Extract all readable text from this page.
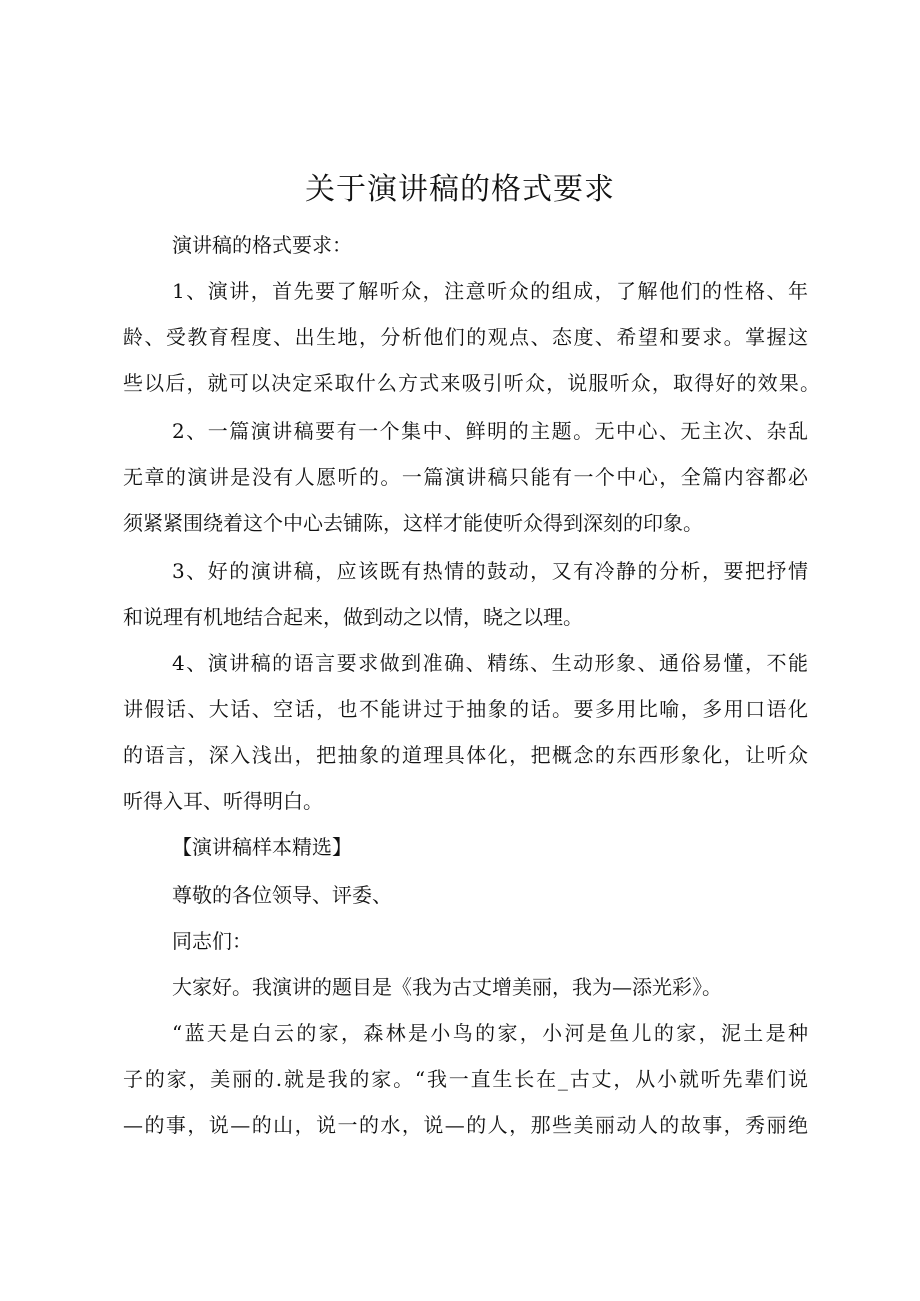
关于演讲稿的格式要求
演讲稿的格式要求：
1、演讲，首先要了解听众，注意听众的组成，了解他们的性格、年
龄、受教育程度、出生地，分析他们的观点、态度、希望和要求。掌握这
些以后，就可以决定采取什么方式来吸引听众，说服听众，取得好的效果。
2、一篇演讲稿要有一个集中、鲜明的主题。无中心、无主次、杂乱
无章的演讲是没有人愿听的。一篇演讲稿只能有一个中心，全篇内容都必
须紧紧围绕着这个中心去铺陈，这样才能使听众得到深刻的印象。
3、好的演讲稿，应该既有热情的鼓动，又有冷静的分析，要把抒情
和说理有机地结合起来，做到动之以情，晓之以理。
4、演讲稿的语言要求做到准确、精练、生动形象、通俗易懂，不能
讲假话、大话、空话，也不能讲过于抽象的话。要多用比喻，多用口语化
的语言，深入浅出，把抽象的道理具体化，把概念的东西形象化，让听众
听得入耳、听得明白。
【演讲稿样本精选】
尊敬的各位领导、评委、
同志们：
大家好。我演讲的题目是《我为古丈增美丽，我为—添光彩》。
“蓝天是白云的家，森林是小鸟的家，小河是鱼儿的家，泥土是种
子的家，美丽的.就是我的家。“我一直生长在_古丈，从小就听先辈们说
—的事，说—的山，说一的水，说—的人，那些美丽动人的故事，秀丽绝
